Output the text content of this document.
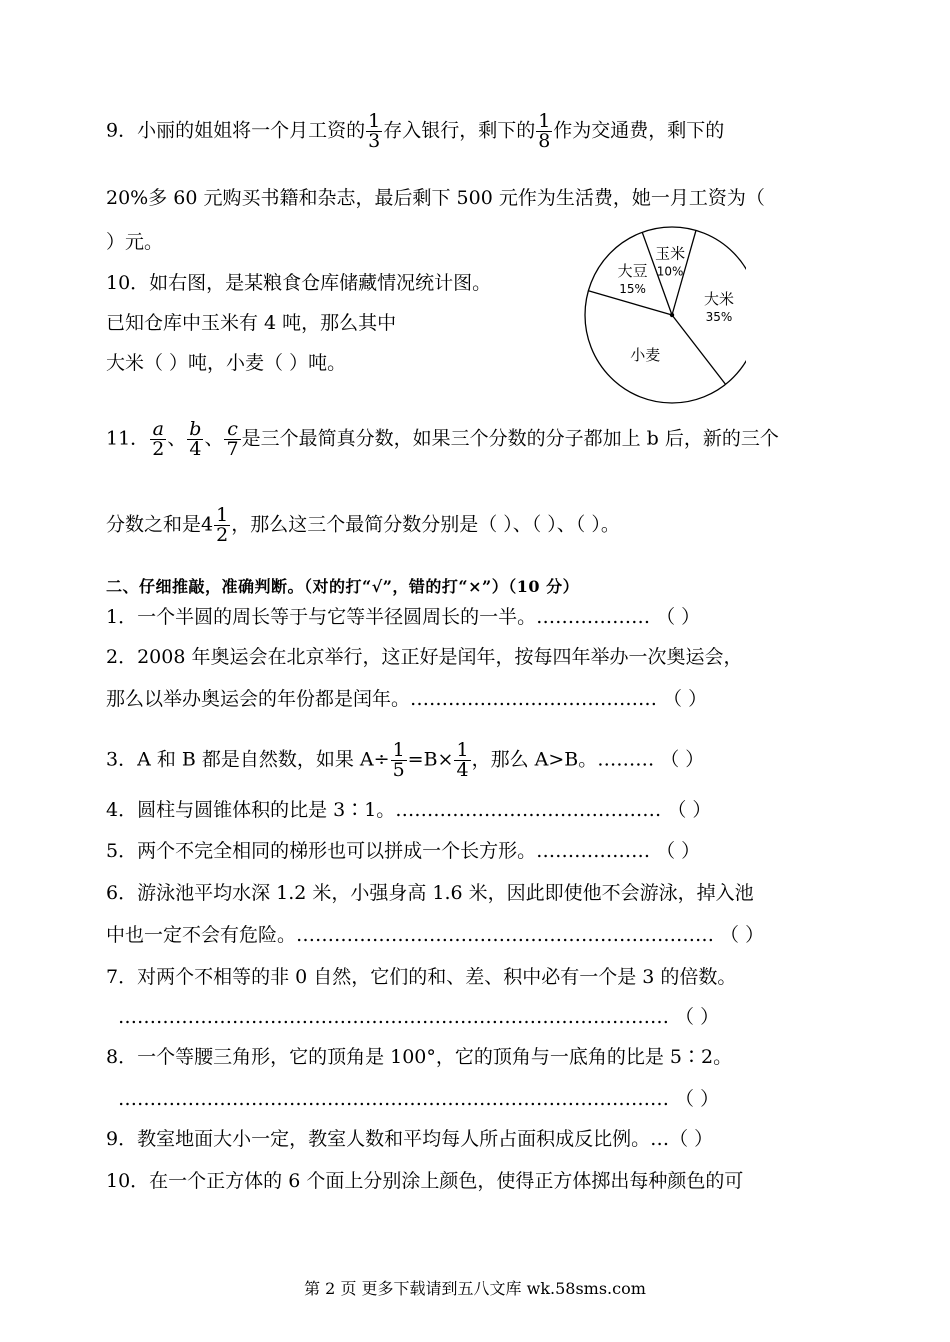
9．小丽的姐姐将一个月工资的 $\frac{1}{3}$ 存入银行，剩下的 $\frac{1}{8}$ 作为交通费，剩下的
20%多 60 元购买书籍和杂志，最后剩下 500 元作为生活费，她一月工资为（
）元。
10．如右图，是某粮食仓库储藏情况统计图。
已知仓库中玉米有 4 吨，那么其中
大米（ ）吨，小麦（ ）吨。
玉米
10%
大米
35%
小麦
大豆
15%
11． $\frac{a}{2}$ 、 $\frac{b}{4}$ 、 $\frac{c}{7}$ 是三个最简真分数，如果三个分数的分子都加上 b 后，新的三个
分数之和是$4 \frac{1}{2}$ ，那么这三个最简分数分别是（ ）、（ ）、（ ）。
二、仔细推敲，准确判断。（对的打“√”，错的打“×”）（10 分）
1．一个半圆的周长等于与它等半径圆周长的一半。……………… （ ）
2．2008 年奥运会在北京举行，这正好是闰年，按每四年举办一次奥运会，
那么以举办奥运会的年份都是闰年。………………………………… （ ）
3．A 和 B 都是自然数，如果 $A\div \frac{1}{5} =B\times \frac{1}{4}$ ，那么 A>B。……… （ ）
4．圆柱与圆锥体积的比是 3∶1。…………………………………… （ ）
5．两个不完全相同的梯形也可以拼成一个长方形。……………… （ ）
6．游泳池平均水深 1.2 米，小强身高 1.6 米，因此即使他不会游泳，掉入池
中也一定不会有危险。………………………………………………………… （ ）
7．对两个不相等的非 0 自然，它们的和、差、积中必有一个是 3 的倍数。
…………………………………………………………………………… （ ）
8．一个等腰三角形，它的顶角是 100°，它的顶角与一底角的比是 5∶2。
…………………………………………………………………………… （ ）
9．教室地面大小一定，教室人数和平均每人所占面积成反比例。…（ ）
10．在一个正方体的 6 个面上分别涂上颜色，使得正方体掷出每种颜色的可
第 2 页 更多下载请到五八文库 wk.58sms.com
